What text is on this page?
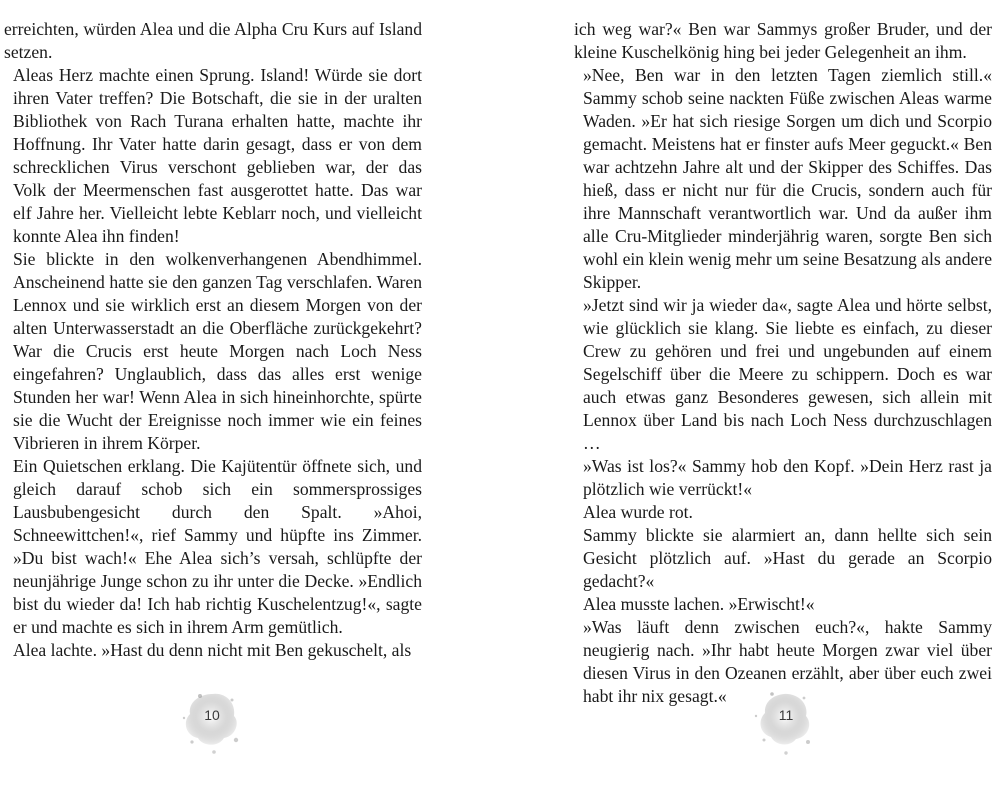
erreichten, würden Alea und die Alpha Cru Kurs auf Island setzen.

Aleas Herz machte einen Sprung. Island! Würde sie dort ihren Vater treffen? Die Botschaft, die sie in der uralten Bibliothek von Rach Turana erhalten hatte, machte ihr Hoffnung. Ihr Vater hatte darin gesagt, dass er von dem schrecklichen Virus verschont geblieben war, der das Volk der Meermenschen fast ausgerottet hatte. Das war elf Jahre her. Vielleicht lebte Keblarr noch, und vielleicht konnte Alea ihn finden!

Sie blickte in den wolkenverhangenen Abendhimmel. Anscheinend hatte sie den ganzen Tag verschlafen. Waren Lennox und sie wirklich erst an diesem Morgen von der alten Unterwasserstadt an die Oberfläche zurückgekehrt? War die Crucis erst heute Morgen nach Loch Ness eingefahren? Unglaublich, dass das alles erst wenige Stunden her war! Wenn Alea in sich hineinhorchte, spürte sie die Wucht der Ereignisse noch immer wie ein feines Vibrieren in ihrem Körper.

Ein Quietschen erklang. Die Kajütentür öffnete sich, und gleich darauf schob sich ein sommersprossiges Lausbubengesicht durch den Spalt. »Ahoi, Schneewittchen!«, rief Sammy und hüpfte ins Zimmer. »Du bist wach!« Ehe Alea sich’s versah, schlüpfte der neunjährige Junge schon zu ihr unter die Decke. »Endlich bist du wieder da! Ich hab richtig Kuschelentzug!«, sagte er und machte es sich in ihrem Arm gemütlich.

Alea lachte. »Hast du denn nicht mit Ben gekuschelt, als

10

ich weg war?« Ben war Sammys großer Bruder, und der kleine Kuschelkönig hing bei jeder Gelegenheit an ihm.

»Nee, Ben war in den letzten Tagen ziemlich still.« Sammy schob seine nackten Füße zwischen Aleas warme Waden. »Er hat sich riesige Sorgen um dich und Scorpio gemacht. Meistens hat er finster aufs Meer geguckt.« Ben war achtzehn Jahre alt und der Skipper des Schiffes. Das hieß, dass er nicht nur für die Crucis, sondern auch für ihre Mannschaft verantwortlich war. Und da außer ihm alle Cru-Mitglieder minderjährig waren, sorgte Ben sich wohl ein klein wenig mehr um seine Besatzung als andere Skipper.

»Jetzt sind wir ja wieder da«, sagte Alea und hörte selbst, wie glücklich sie klang. Sie liebte es einfach, zu dieser Crew zu gehören und frei und ungebunden auf einem Segelschiff über die Meere zu schippern. Doch es war auch etwas ganz Besonderes gewesen, sich allein mit Lennox über Land bis nach Loch Ness durchzuschlagen …

»Was ist los?« Sammy hob den Kopf. »Dein Herz rast ja plötzlich wie verrückt!«

Alea wurde rot.

Sammy blickte sie alarmiert an, dann hellte sich sein Gesicht plötzlich auf. »Hast du gerade an Scorpio gedacht?«

Alea musste lachen. »Erwischt!«

»Was läuft denn zwischen euch?«, hakte Sammy neugierig nach. »Ihr habt heute Morgen zwar viel über diesen Virus in den Ozeanen erzählt, aber über euch zwei habt ihr nix gesagt.«

11
